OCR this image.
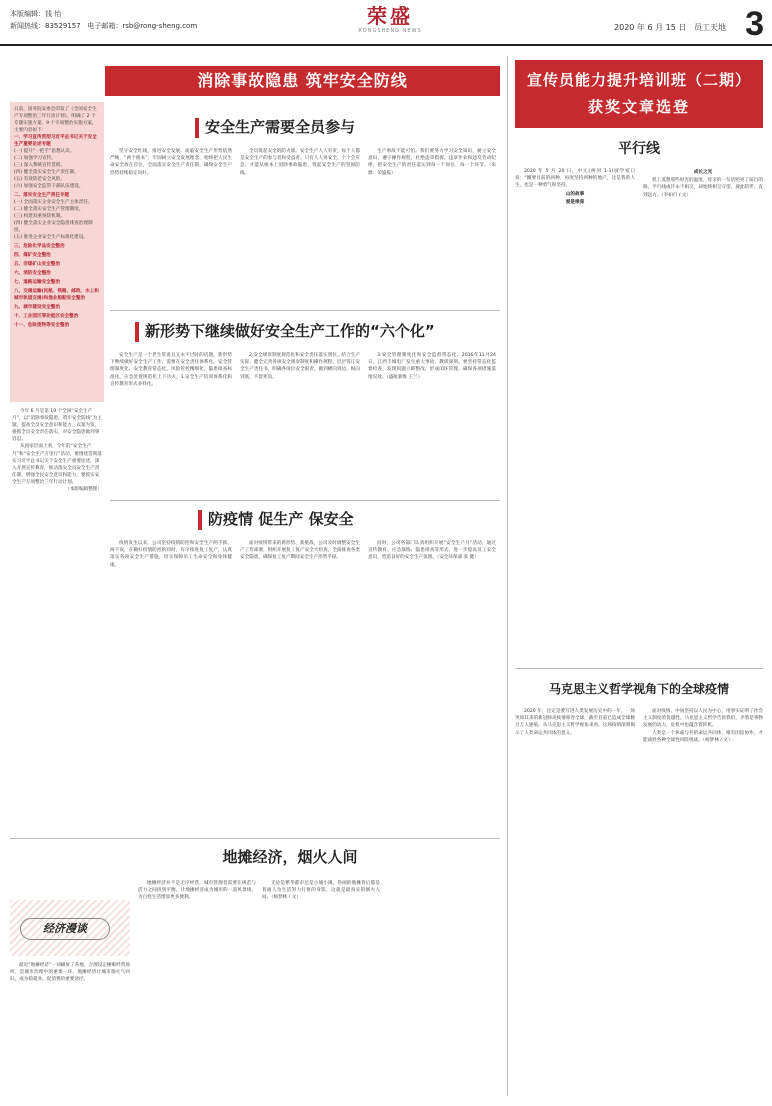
本版编辑：钱 怡
新闻热线：83529157 电子邮箱：rsb@rong-sheng.com	荣盛
RONGSHENG NEWS	2020 年 6 月 15 日 员工天地 3
消除事故隐患 筑牢安全防线

日前，国务院安委会印发了《全国安全生产专项整治三年行动计划》，明确了 2 个专题实施方案、9 个专项整治实施方案，主要内容如下：

一、学习宣传贯彻习近平总书记关于安全生产重要论述专题

(一) 提升“一把手”思想认识。

(二) 加强学习宣传。

(三) 深入系统宣传贯彻。

(四) 健全落实安全生产责任制。

(五) 有效防范安全风险。

(六) 加强安全监管干部队伍建设。

二、落实安全生产责任专题

(一) 全面落实企业安全生产主体责任。

(二) 健全落实安全生产管理制度。

(三) 构建双重预防机制。

(四) 健全落实企业安全隐患排查治理制度。

(五) 推进企业安全生产标准化建设。

三、危险化学品安全整治

四、煤矿安全整治

五、非煤矿山安全整治

六、消防安全整治

七、道路运输安全整治

八、交通运输(民航、铁路、邮政、水上和城市轨道交通)和渔业船舶安全整治

九、城市建设安全整治

十、工业园区等功能区安全整治

十一、危险废物等安全整治

今年 6 月是第 19 个全国“安全生产月”，以“消除事故隐患，筑牢安全防线”为主题，提高全员安全意识和能力，以案为鉴，狠抓全员安全责任落实，对安全隐患做到零容忍。

从国家层面上看，今年的“安全生产月”和“安全生产万里行”活动，要围绕贯彻落实习近平总书记关于安全生产重要论述，深入开展宣传教育，推动落实全员安全生产责任制，增强全民安全意识和能力，要抓实安全生产专项整治三年行动计划。

（本版编辑整理）

安全生产需要全员参与

坚守安全红线，推进安全发展。面临安全生产形势依然严峻，“两个根本”，牢固树立安全发展理念，始终把人民生命安全放在首位，全面落实安全生产责任制，确保安全生产形势持续稳定向好。

全员筑起安全的防火墙。安全生产人人有责，每个人都是安全生产的参与者和受益者。只有人人讲安全、个个会应急，才能从根本上消除事故隐患，筑起安全生产的坚固防线。

生产事故不能可怕。我们要努力学习安全知识，树立安全意识，遵守操作规程，杜绝违章指挥、违章作业和违反劳动纪律，把安全生产的责任落实到每一个岗位、每一个环节。（来源：荣盛报）

新形势下继续做好安全生产工作的“六个化”

安全生产是一个老生常谈且又永不过时的话题。新形势下继续做好安全生产工作，需要在安全责任体系化、安全管理制度化、安全教育常态化、风险管控精细化、隐患排查标准化、应急处置规范化上下功夫。1.安全生产培训体系化和宣传教育形式多样化。

2.安全规章制度规范化和安全责任落实到位。结合生产实际，健全完善各项安全规章制度和操作规程，层层签订安全生产责任书，明确各岗位安全职责，做到横向到边、纵向到底，不留死角。

3.安全管理制度化和安全监督常态化。2016年11月24日，江西丰城电厂发生重大事故，教训深刻。要坚持常态化监督检查，发现问题立即整改，形成闭环管理，确保各项措施落地见效。（盛航新维 王兰）

防疫情 促生产 保安全

疫情发生以来，公司坚持疫情防控和安全生产两手抓、两不误，在做好疫情防控的同时，有序推进复工复产，认真落实各项安全生产措施，切实保障员工生命安全和身体健康。

面对疫情带来的新形势、新挑战，公司及时调整安全生产工作部署，组织开展复工复产安全大检查，全面排查各类安全隐患，确保复工复产期间安全生产形势平稳。

同时，公司各部门认真组织开展“安全生产月”活动，通过宣传教育、应急演练、隐患排查等形式，进一步提高员工安全意识，营造良好的安全生产氛围。（安全环保部 张 健）

地摊经济，烟火人间
经济漫谈

最近“地摊经济”一词刷屏了各地，合理设定摊贩经营场所，是城市治理中的重要一环。地摊经济让城市烟火气回归，成为稳就业、促消费的重要途径。

地摊经济并不是无序经营，城市管理者需要在规范与活力之间找到平衡，让地摊经济成为城市的一道风景线，为百姓生活增添更多便利。

无论是繁华都市还是小城小镇，热闹的地摊背后都是普通人为生活努力打拼的身影，这就是最真实的烟火人间。（杨梦林 / 文）

宣传员能力提升培训班（二期）
获奖文章选登
平行线

2020 年 5 月 20 日，中元(两河 1-1)厨学家口说：“概要目前的两种，再度坚持两种的地产，这是我的人生，也是一种勇气和坚持。

山的故事

爱是根深

成长之光

机上遥想那些时光的温度，母亲的一句话照亮了前行的路。平行线或许永不相交，却始终相互守望，彼此陪伴，直到远方。（李如行 / 文）

马克思主义哲学视角下的全球疫情

2020 年，注定是要写进人类发展历史中的一年，一场突如其来的新冠肺炎疫情席卷全球，截至目前已造成全球数百万人感染。从马克思主义哲学视角来看，这场疫情深刻揭示了人类命运共同体的意义。

面对疫情，中国坚持以人民为中心，用事实证明了社会主义制度的优越性。马克思主义哲学告诉我们，矛盾是事物发展的动力，危机中也蕴含着转机。

人类是一个休戚与共的命运共同体，唯有团结协作，才能战胜各种全球性风险挑战。（杨梦林 / 文）
